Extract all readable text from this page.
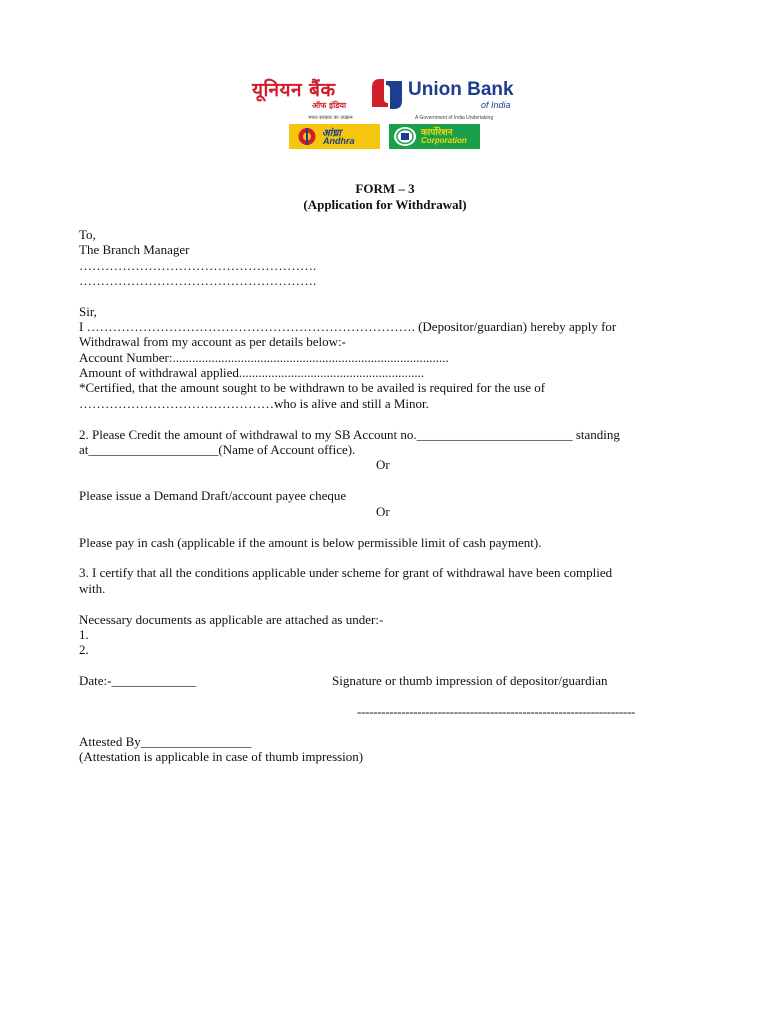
यूनियन बैंक
ऑफ इंडिया
Union Bank
of India
भारत सरकार का उपक्रम	A Government of India Undertaking
आंध्रा
Andhra
कार्पोरेशन
Corporation
FORM – 3
(Application for Withdrawal)
To,
The Branch Manager
……………………………………………….
……………………………………………….
Sir,
I …………………………………………………………………. (Depositor/guardian) hereby apply for
Withdrawal from my account as per details below:-
Account Number:.....................................................................................
Amount of withdrawal applied.........................................................
*Certified, that the amount sought to be withdrawn to be availed is required for the use of
………………………………………who is alive and still a Minor.
2. Please Credit the amount of withdrawal to my SB Account no.________________________ standing
at____________________(Name of Account office).
Or
Please issue a Demand Draft/account payee cheque
Or
Please pay in cash (applicable if the amount is below permissible limit of cash payment).
3. I certify that all the conditions applicable under scheme for grant of withdrawal have been complied
with.
Necessary documents as applicable are attached as under:-
1.
2.
Date:-_____________	Signature or thumb impression of depositor/guardian
---------------------------------------------------------------------
Attested By_________________
(Attestation is applicable in case of thumb impression)
